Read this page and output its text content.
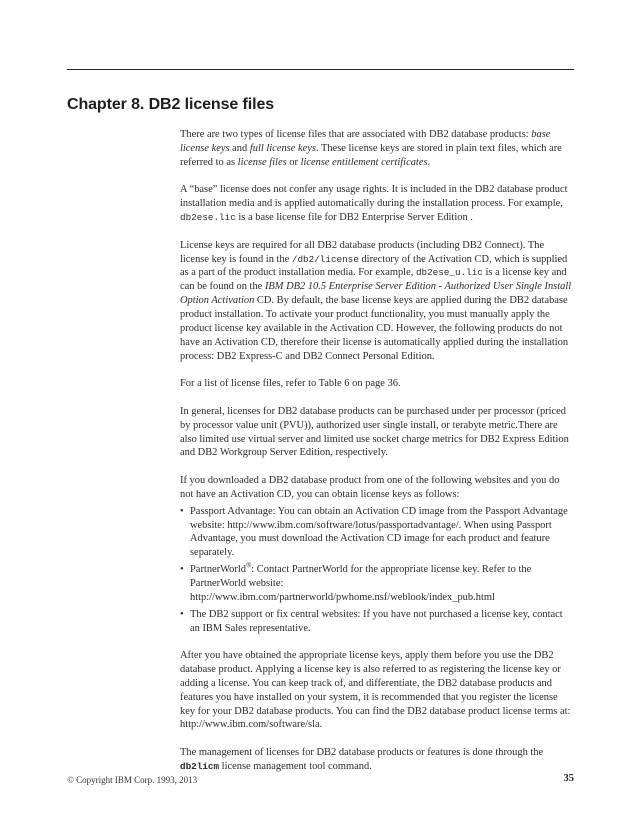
Chapter 8. DB2 license files

There are two types of license files that are associated with DB2 database products: base license keys and full license keys. These license keys are stored in plain text files, which are referred to as license files or license entitlement certificates.

A “base” license does not confer any usage rights. It is included in the DB2 database product installation media and is applied automatically during the installation process. For example, db2ese.lic is a base license file for DB2 Enterprise Server Edition .

License keys are required for all DB2 database products (including DB2 Connect). The license key is found in the /db2/license directory of the Activation CD, which is supplied as a part of the product installation media. For example, db2ese_u.lic is a license key and can be found on the IBM DB2 10.5 Enterprise Server Edition - Authorized User Single Install Option Activation CD. By default, the base license keys are applied during the DB2 database product installation. To activate your product functionality, you must manually apply the product license key available in the Activation CD. However, the following products do not have an Activation CD, therefore their license is automatically applied during the installation process: DB2 Express-C and DB2 Connect Personal Edition.

For a list of license files, refer to Table 6 on page 36.

In general, licenses for DB2 database products can be purchased under per processor (priced by processor value unit (PVU)), authorized user single install, or terabyte metric.There are also limited use virtual server and limited use socket charge metrics for DB2 Express Edition and DB2 Workgroup Server Edition, respectively.

If you downloaded a DB2 database product from one of the following websites and you do not have an Activation CD, you can obtain license keys as follows:

• Passport Advantage: You can obtain an Activation CD image from the Passport Advantage website: http://www.ibm.com/software/lotus/passportadvantage/. When using Passport Advantage, you must download the Activation CD image for each product and feature separately.
• PartnerWorld®: Contact PartnerWorld for the appropriate license key. Refer to the PartnerWorld website: http://www.ibm.com/partnerworld/pwhome.nsf/weblook/index_pub.html
• The DB2 support or fix central websites: If you have not purchased a license key, contact an IBM Sales representative.

After you have obtained the appropriate license keys, apply them before you use the DB2 database product. Applying a license key is also referred to as registering the license key or adding a license. You can keep track of, and differentiate, the DB2 database products and features you have installed on your system, it is recommended that you register the license key for your DB2 database products. You can find the DB2 database product license terms at: http://www.ibm.com/software/sla.

The management of licenses for DB2 database products or features is done through the db2licm license management tool command.

© Copyright IBM Corp. 1993, 2013	35
